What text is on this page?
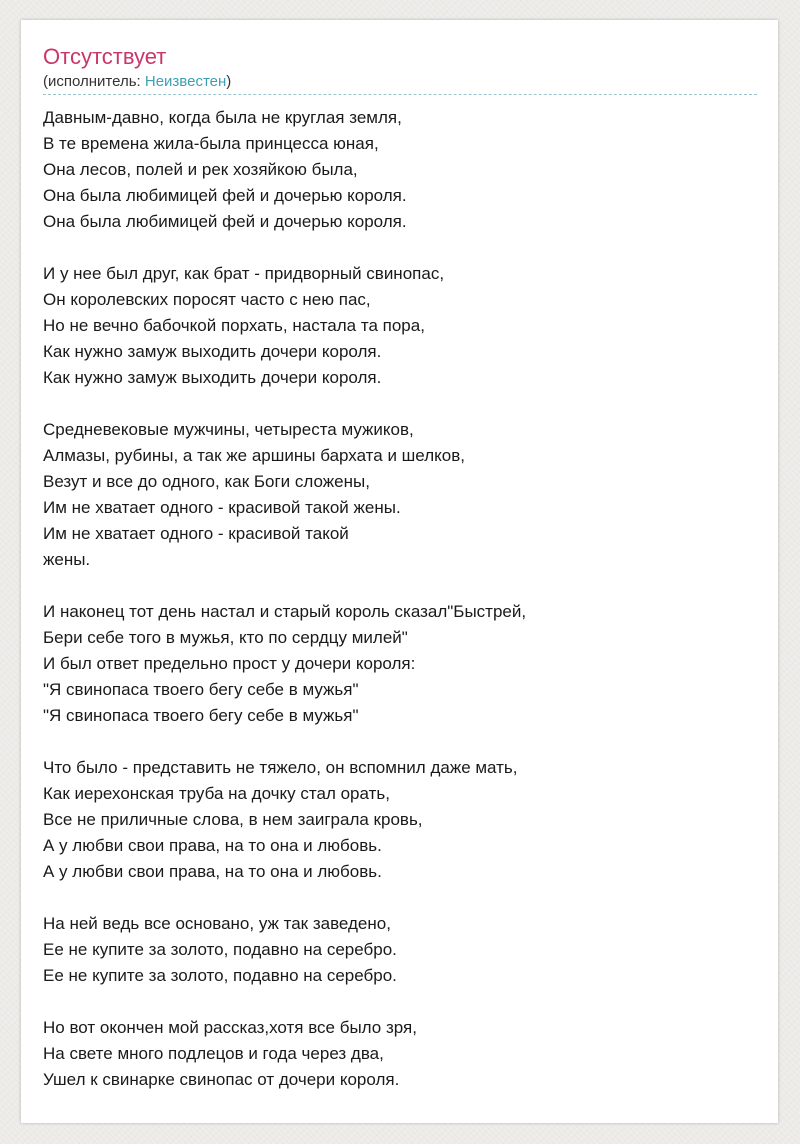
Отсутствует
(исполнитель: Неизвестен)
Давным-давно, когда была не круглая земля,
В те времена жила-была принцесса юная,
Она лесов, полей и рек хозяйкою была,
Она была любимицей фей и дочерью короля.
Она была любимицей фей и дочерью короля.
И у нее был друг, как брат - придворный свинопас,
Он королевских поросят часто с нею пас,
Но не вечно бабочкой порхать, настала та пора,
Как нужно замуж выходить дочери короля.
Как нужно замуж выходить дочери короля.
Средневековые мужчины, четыреста мужиков,
Алмазы, рубины, а так же аршины бархата и шелков,
Везут и все до одного, как Боги сложены,
Им не хватает одного - красивой такой жены.
Им не хватает одного - красивой такой
жены.
И наконец тот день настал и старый король сказал"Быстрей,
Бери себе того в мужья, кто по сердцу милей"
И был ответ предельно прост у дочери короля:
"Я свинопаса твоего бегу себе в мужья"
"Я свинопаса твоего бегу себе в мужья"
Что было - представить не тяжело, он вспомнил даже мать,
Как иерехонская труба на дочку стал орать,
Все не приличные слова, в нем заиграла кровь,
А у любви свои права, на то она и любовь.
А у любви свои права, на то она и любовь.
На ней ведь все основано, уж так заведено,
Ее не купите за золото, подавно на серебро.
Ее не купите за золото, подавно на серебро.
Но вот окончен мой рассказ,хотя все было зря,
На свете много подлецов и года через два,
Ушел к свинарке свинопас от дочери короля.
